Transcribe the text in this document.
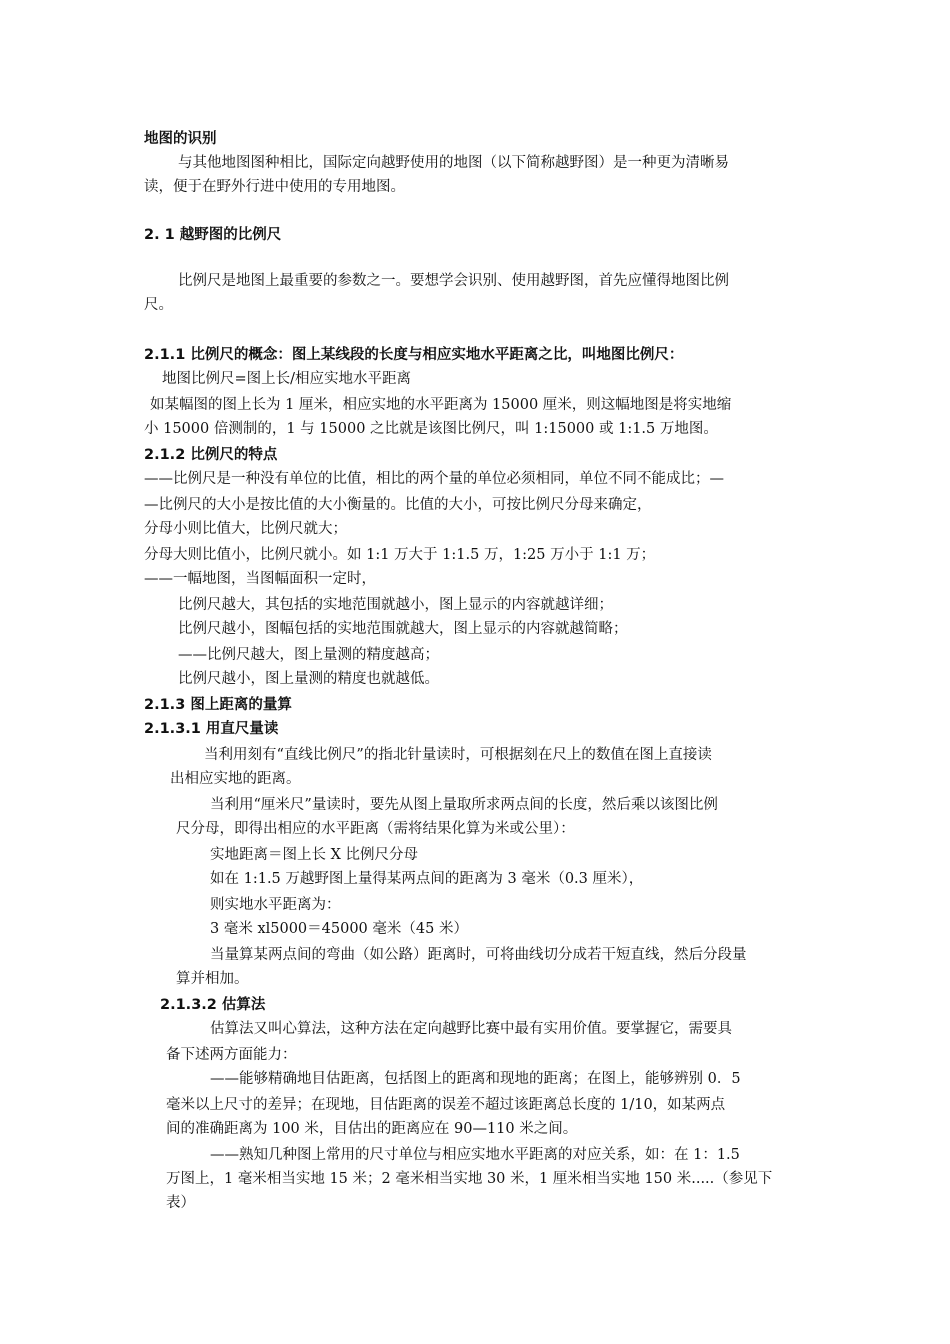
地图的识别
与其他地图图种相比，国际定向越野使用的地图（以下简称越野图）是一种更为清晰易
读，便于在野外行进中使用的专用地图。
2. 1 越野图的比例尺
比例尺是地图上最重要的参数之一。要想学会识别、使用越野图，首先应懂得地图比例
尺。
2.1.1 比例尺的概念：图上某线段的长度与相应实地水平距离之比，叫地图比例尺：
地图比例尺=图上长/相应实地水平距离
如某幅图的图上长为 1 厘米，相应实地的水平距离为 15000 厘米，则这幅地图是将实地缩
小 15000 倍测制的，1 与 15000 之比就是该图比例尺，叫 1:15000 或 1:1.5 万地图。
2.1.2 比例尺的特点
——比例尺是一种没有单位的比值，相比的两个量的单位必须相同，单位不同不能成比；—
—比例尺的大小是按比值的大小衡量的。比值的大小，可按比例尺分母来确定，
分母小则比值大，比例尺就大；
分母大则比值小，比例尺就小。如 1:1 万大于 1:1.5 万，1:25 万小于 1:1 万；
——一幅地图，当图幅面积一定时，
比例尺越大，其包括的实地范围就越小，图上显示的内容就越详细；
比例尺越小，图幅包括的实地范围就越大，图上显示的内容就越简略；
——比例尺越大，图上量测的精度越高；
比例尺越小，图上量测的精度也就越低。
2.1.3 图上距离的量算
2.1.3.1 用直尺量读
当利用刻有“直线比例尺”的指北针量读时，可根据刻在尺上的数值在图上直接读
出相应实地的距离。
当利用“厘米尺”量读时，要先从图上量取所求两点间的长度，然后乘以该图比例
尺分母，即得出相应的水平距离（需将结果化算为米或公里）：
实地距离＝图上长 X 比例尺分母
如在 1:1.5 万越野图上量得某两点间的距离为 3 毫米（0.3 厘米），
则实地水平距离为：
3 毫米 xl5000＝45000 毫米（45 米）
当量算某两点间的弯曲（如公路）距离时，可将曲线切分成若干短直线，然后分段量
算并相加。
2.1.3.2 估算法
估算法又叫心算法，这种方法在定向越野比赛中最有实用价值。要掌握它，需要具
备下述两方面能力：
——能够精确地目估距离，包括图上的距离和现地的距离；在图上，能够辨别 0．5
毫米以上尺寸的差异；在现地，目估距离的误差不超过该距离总长度的 1/10，如某两点
间的准确距离为 100 米，目估出的距离应在 90—110 米之间。
——熟知几种图上常用的尺寸单位与相应实地水平距离的对应关系，如：在 1：1.5
万图上，1 毫米相当实地 15 米；2 毫米相当实地 30 米，1 厘米相当实地 150 米.....（参见下
表）
